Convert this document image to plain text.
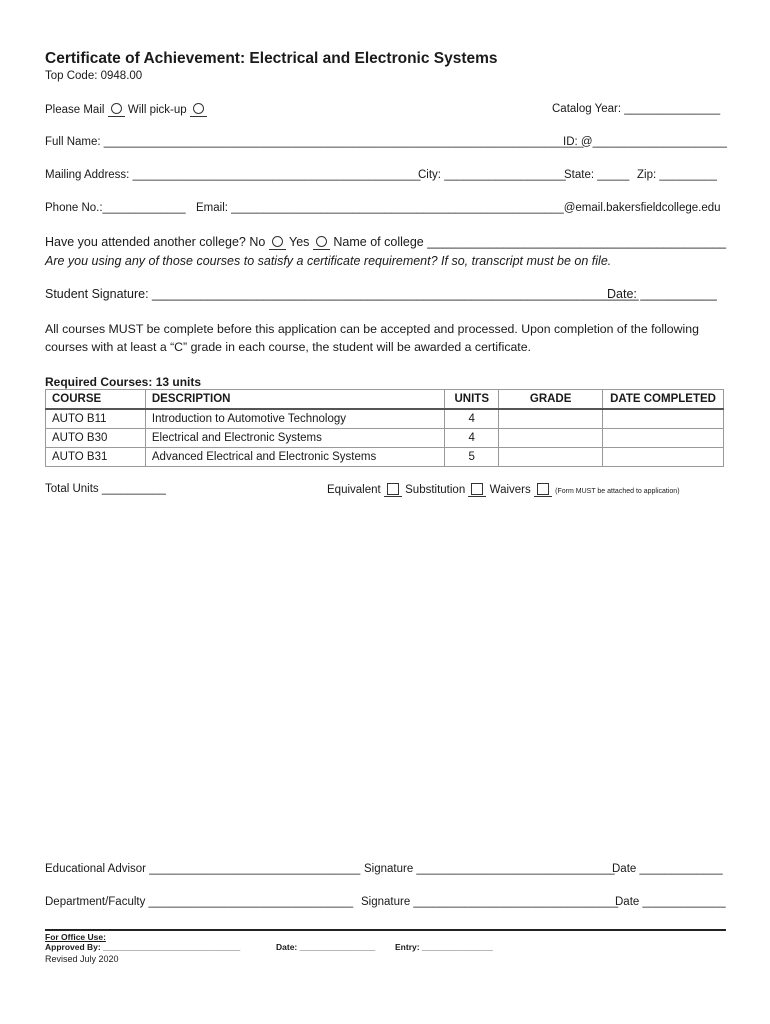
Certificate of Achievement: Electrical and Electronic Systems
Top Code: 0948.00
Please Mail Will pick-up	Catalog Year: _______________
Full Name: ___________________________________________________________________________
ID: @_____________________
Mailing Address: _____________________________________________
City: ___________________
State: _____ Zip: _________
Phone No.:_____________ Email: ____________________________________________________@email.bakersfieldcollege.edu
Have you attended another college? No Yes Name of college ___________________________________________
Are you using any of those courses to satisfy a certificate requirement? If so, transcript must be on file.
Student Signature: ______________________________________________________________________
Date: ___________
All courses MUST be complete before this application can be accepted and processed. Upon completion of the following
courses with at least a “C” grade in each course, the student will be awarded a certificate.
Required Courses: 13 units
COURSE	DESCRIPTION	UNITS	GRADE	DATE COMPLETED
AUTO B11	Introduction to Automotive Technology	4		
AUTO B30	Electrical and Electronic Systems	4		
AUTO B31	Advanced Electrical and Electronic Systems	5		
Total Units __________	Equivalent Substitution Waivers	(Form MUST be attached to application)
Educational Advisor _________________________________ Signature _______________________________
Date _____________
Department/Faculty ________________________________ Signature ________________________________
Date _____________
For Office Use:
Approved By: _____________________________	Date: ________________ Entry: _______________
Revised July 2020
